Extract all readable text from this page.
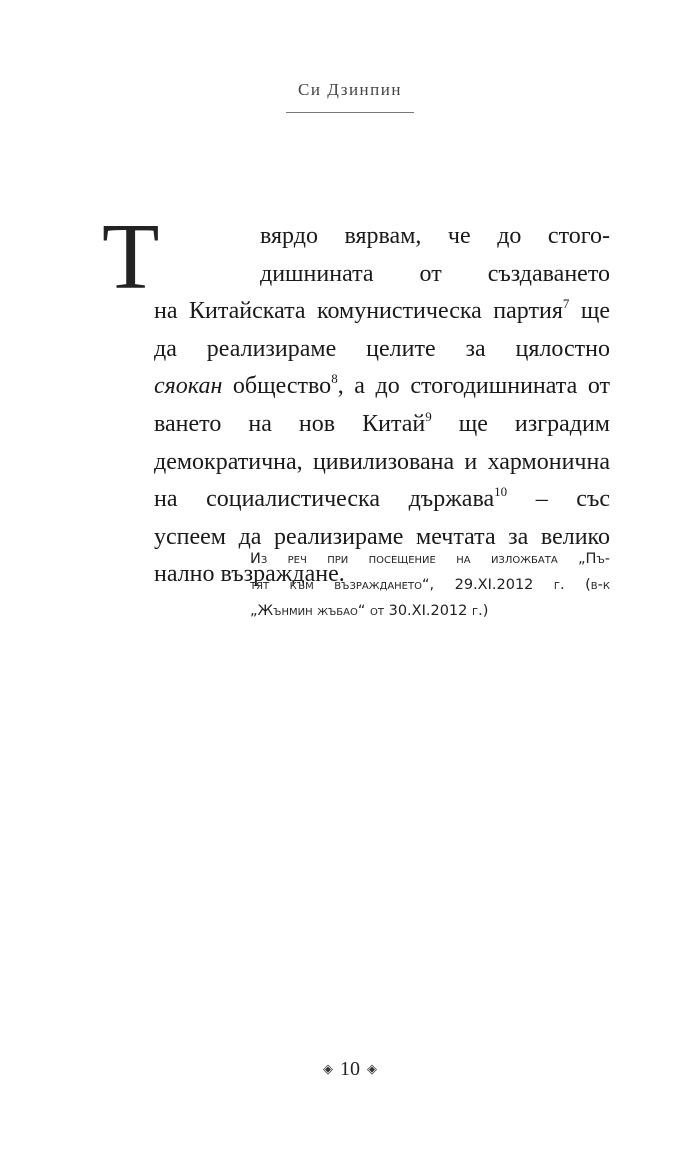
Си Дзинпин
Т	вярдо вярвам, че до стого-
дишнината от създаването
на Китайската комунистическа партия$^7$ ще
да реализираме целите за цялостно
сяокан общество$^8$, а до стогодишнината от
ването на нов Китай$^9$ ще изградим
демократична, цивилизована и хармонична
на социалистическа държава$^{10}$ – със
успеем да реализираме мечтата за велико
нално възраждане.
Из реч при посещение на изложбата „Пъ-
тят към възраждането“, 29.XI.2012 г. (в-к
„Жънмин жъбао“ от 30.XI.2012 г.)
◈ 10 ◈
